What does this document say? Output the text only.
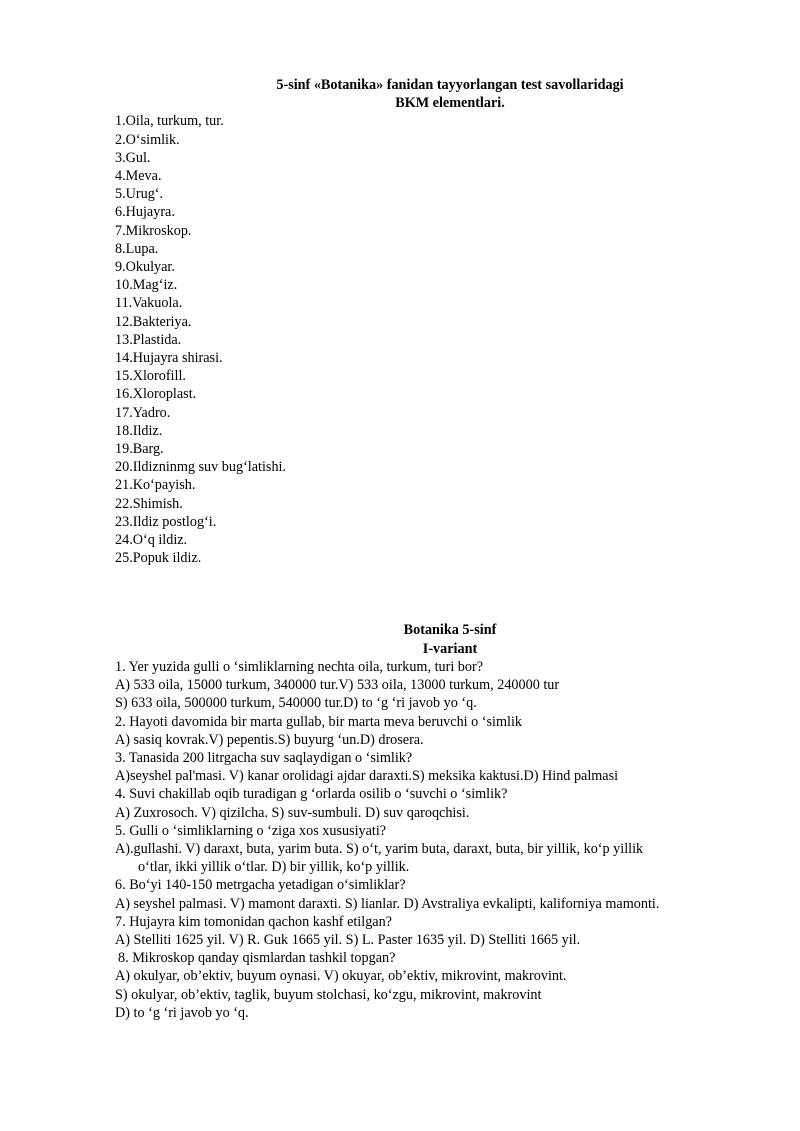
5-sinf «Botanika» fanidan tayyorlangan test savollaridagi
BKM elementlari.
1.Oila, turkum, tur.
2.O‘simlik.
3.Gul.
4.Meva.
5.Urug‘.
6.Hujayra.
7.Mikroskop.
8.Lupa.
9.Okulyar.
10.Mag‘iz.
11.Vakuola.
12.Bakteriya.
13.Plastida.
14.Hujayra shirasi.
15.Xlorofill.
16.Xloroplast.
17.Yadro.
18.Ildiz.
19.Barg.
20.Ildizninmg suv bug‘latishi.
21.Ko‘payish.
22.Shimish.
23.Ildiz postlog‘i.
24.O‘q ildiz.
25.Popuk ildiz.
Botanika 5-sinf
I-variant
1. Yer yuzida gulli o ‘simliklarning nechta oila, turkum, turi bor?
A) 533 oila, 15000 turkum, 340000 tur.V) 533 oila, 13000 turkum, 240000 tur
S) 633 oila, 500000 turkum, 540000 tur.D) to ‘g ‘ri javob yo ‘q.
2. Hayoti davomida bir marta gullab, bir marta meva beruvchi o ‘simlik
A) sasiq kovrak.V) pepentis.S) buyurg ‘un.D) drosera.
3. Tanasida 200 litrgacha suv saqlaydigan o ‘simlik?
A)seyshel pal'masi. V) kanar orolidagi ajdar daraxti.S) meksika kaktusi.D) Hind palmasi
4. Suvi chakillab oqib turadigan g ‘orlarda osilib o ‘suvchi o ‘simlik?
A) Zuxrosoch. V) qizilcha. S) suv-sumbuli. D) suv qaroqchisi.
5. Gulli o ‘simliklarning o ‘ziga xos xususiyati?
A).gullashi. V) daraxt, buta, yarim buta. S) o‘t, yarim buta, daraxt, buta, bir yillik, ko‘p yillik
o‘tlar, ikki yillik o‘tlar. D) bir yillik, ko‘p yillik.
6. Bo‘yi 140-150 metrgacha yetadigan o‘simliklar?
A) seyshel palmasi. V) mamont daraxti. S) lianlar. D) Avstraliya evkalipti, kaliforniya mamonti.
7. Hujayra kim tomonidan qachon kashf etilgan?
A) Stelliti 1625 yil. V) R. Guk 1665 yil. S) L. Paster 1635 yil. D) Stelliti 1665 yil.
8. Mikroskop qanday qismlardan tashkil topgan?
A) okulyar, ob’ektiv, buyum oynasi. V) okuyar, ob’ektiv, mikrovint, makrovint.
S) okulyar, ob’ektiv, taglik, buyum stolchasi, ko‘zgu, mikrovint, makrovint
D) to ‘g ‘ri javob yo ‘q.
